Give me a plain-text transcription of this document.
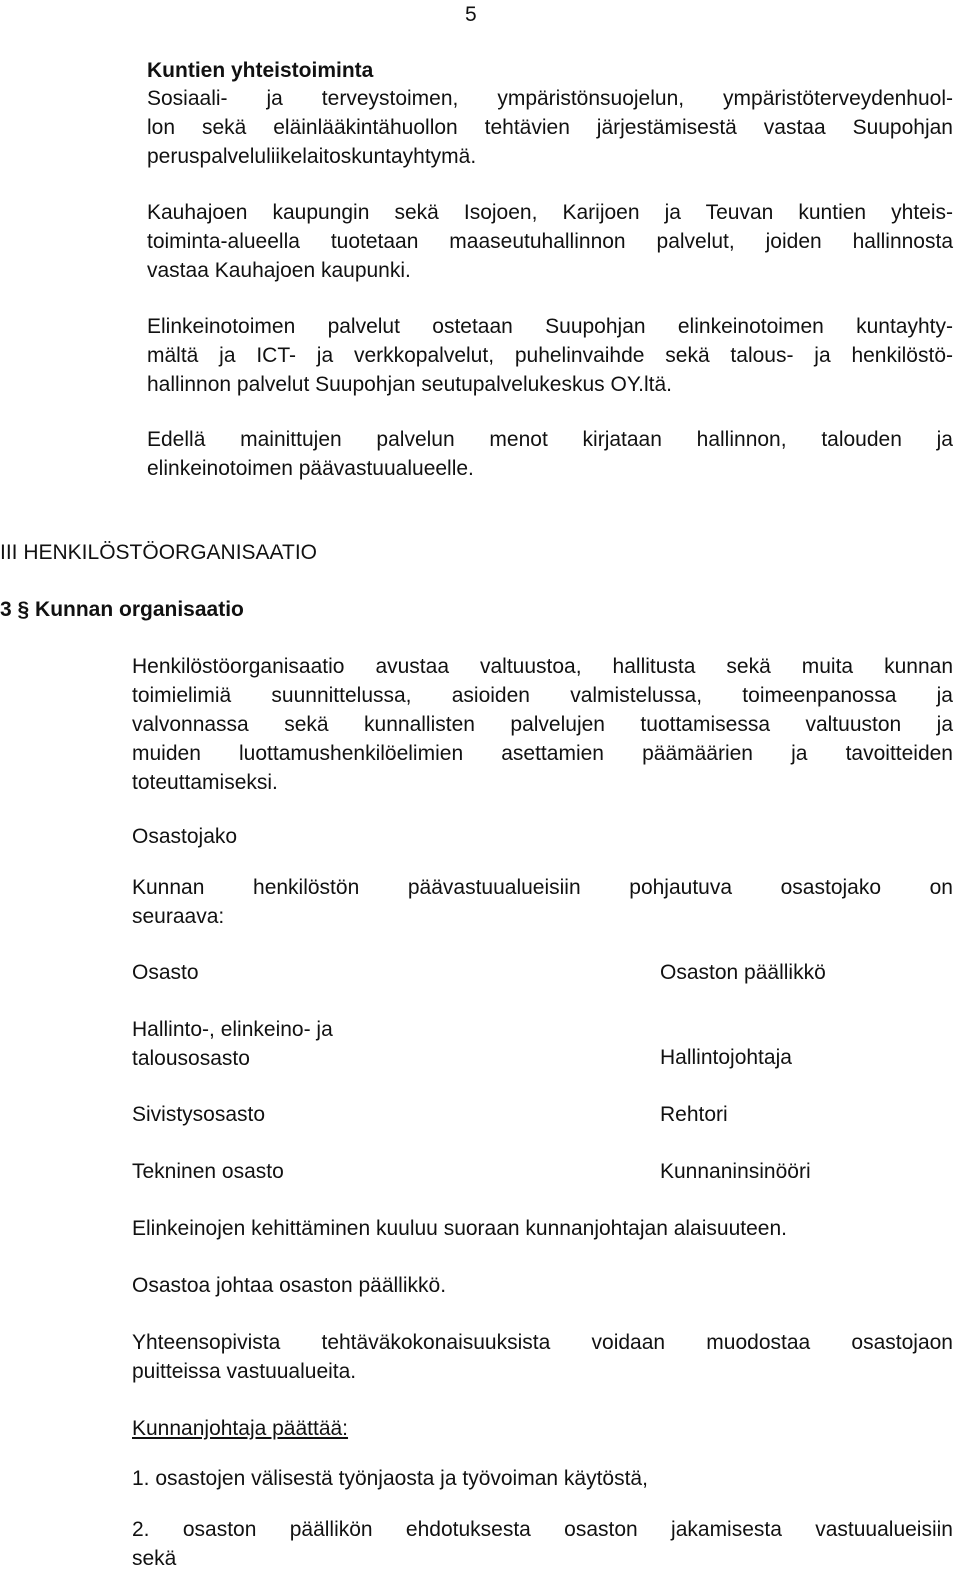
5
Kuntien yhteistoiminta
Sosiaali- ja terveystoimen, ympäristönsuojelun, ympäristöterveydenhuol-
lon sekä eläinlääkintähuollon tehtävien järjestämisestä vastaa Suupohjan
peruspalveluliikelaitoskuntayhtymä.
Kauhajoen kaupungin sekä Isojoen, Karijoen ja Teuvan kuntien yhteis-
toiminta-alueella tuotetaan maaseutuhallinnon palvelut, joiden hallinnosta
vastaa Kauhajoen kaupunki.
Elinkeinotoimen palvelut ostetaan Suupohjan elinkeinotoimen kuntayhty-
mältä ja ICT- ja verkkopalvelut, puhelinvaihde sekä talous- ja henkilöstö-
hallinnon palvelut Suupohjan seutupalvelukeskus OY.ltä.
Edellä mainittujen palvelun menot kirjataan hallinnon, talouden ja
elinkeinotoimen päävastuualueelle.
III HENKILÖSTÖORGANISAATIO
3 § Kunnan organisaatio
Henkilöstöorganisaatio avustaa valtuustoa, hallitusta sekä muita kunnan
toimielimiä suunnittelussa, asioiden valmistelussa, toimeenpanossa ja
valvonnassa sekä kunnallisten palvelujen tuottamisessa valtuuston ja
muiden luottamushenkilöelimien asettamien päämäärien ja tavoitteiden
toteuttamiseksi.
Osastojako
Kunnan henkilöstön päävastuualueisiin pohjautuva osastojako on
seuraava:
Osasto	Osaston päällikkö
Hallinto-, elinkeino- ja
talousosasto	Hallintojohtaja
Sivistysosasto	Rehtori
Tekninen osasto	Kunnaninsinööri
Elinkeinojen kehittäminen kuuluu suoraan kunnanjohtajan alaisuuteen.
Osastoa johtaa osaston päällikkö.
Yhteensopivista tehtäväkokonaisuuksista voidaan muodostaa osastojaon
puitteissa vastuualueita.
Kunnanjohtaja päättää:
1. osastojen välisestä työnjaosta ja työvoiman käytöstä,
2. osaston päällikön ehdotuksesta osaston jakamisesta vastuualueisiin
sekä
